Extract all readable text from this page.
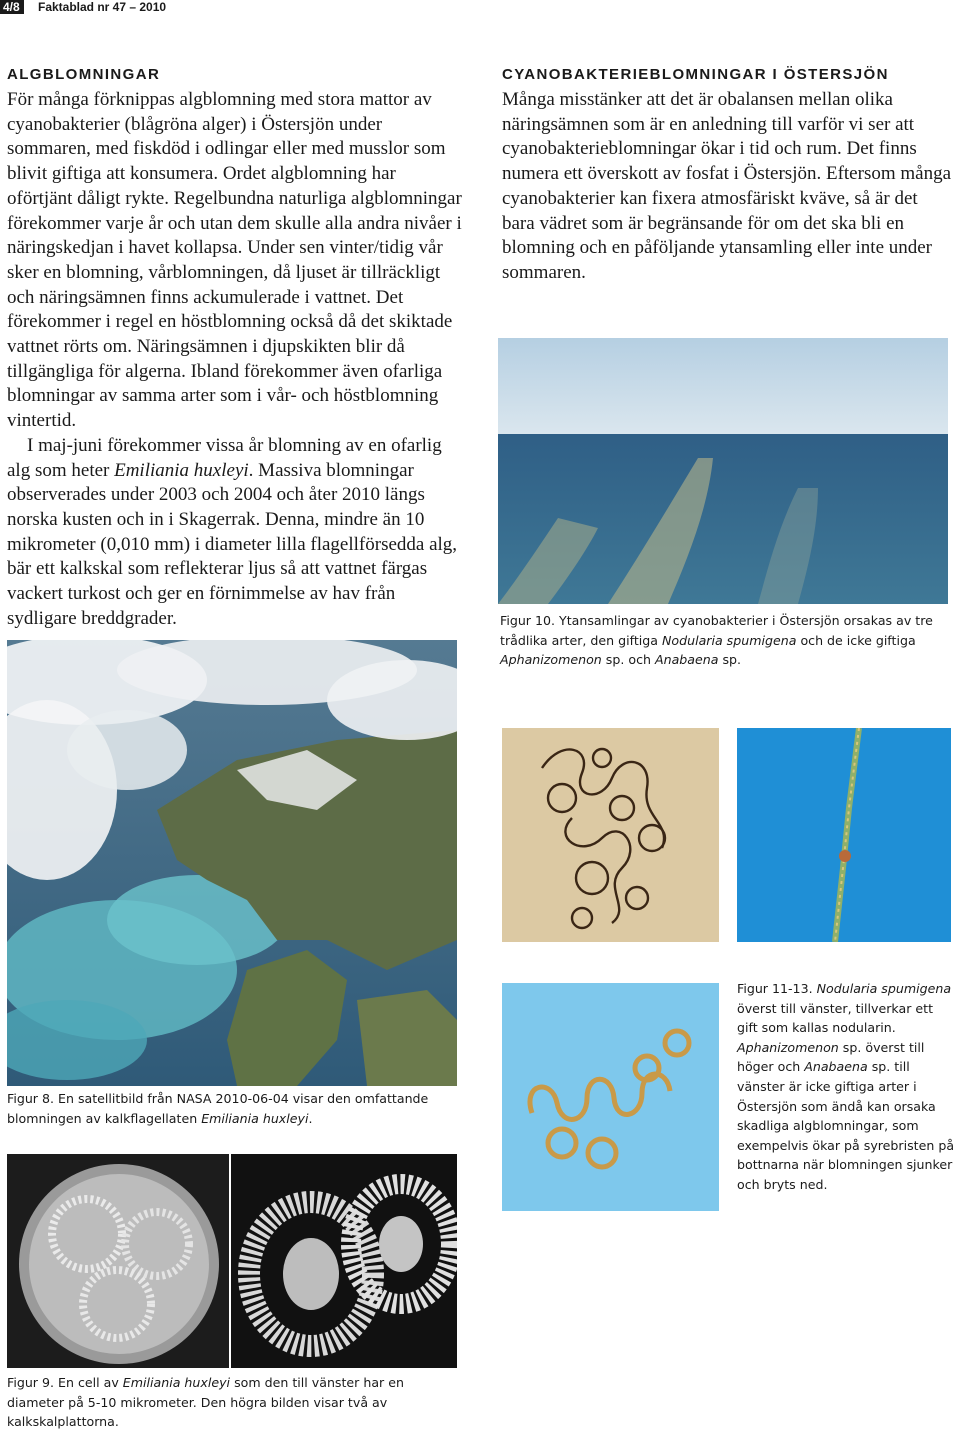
4/8	Faktablad nr 47 – 2010
ALGBLOMNINGAR

För många förknippas algblomning med stora mattor av cyanobakterier (blågröna alger) i Östersjön under sommaren, med fiskdöd i odlingar eller med musslor som blivit giftiga att konsumera. Ordet algblomning har oförtjänt dåligt rykte. Regelbundna naturliga algblomningar förekommer varje år och utan dem skulle alla andra nivåer i näringskedjan i havet kollapsa. Under sen vinter/tidig vår sker en blomning, vårblomningen, då ljuset är tillräckligt och näringsämnen finns ackumulerade i vattnet. Det förekommer i regel en höstblomning också då det skiktade vattnet rörts om. Näringsämnen i djupskikten blir då tillgängliga för algerna. Ibland förekommer även ofarliga blomningar av samma arter som i vår- och höstblomning vintertid.

I maj-juni förekommer vissa år blomning av en ofarlig alg som heter Emiliania huxleyi. Massiva blomningar observerades under 2003 och 2004 och åter 2010 längs norska kusten och in i Skagerrak. Denna, mindre än 10 mikrometer (0,010 mm) i diameter lilla flagellförsedda alg, bär ett kalkskal som reflekterar ljus så att vattnet färgas vackert turkost och ger en förnimmelse av hav från sydligare breddgrader.

CYANOBAKTERIEBLOMNINGAR I ÖSTERSJÖN

Många misstänker att det är obalansen mellan olika näringsämnen som är en anledning till varför vi ser att cyanobakterieblomningar ökar i tid och rum. Det finns numera ett överskott av fosfat i Östersjön. Eftersom många cyanobakterier kan fixera atmosfäriskt kväve, så är det bara vädret som är begränsande för om det ska bli en blomning och en påföljande ytansamling eller inte under sommaren.

Figur 8. En satellitbild från NASA 2010-06-04 visar den omfattande blomningen av kalkflagellaten Emiliania huxleyi.
Figur 9. En cell av Emiliania huxleyi som den till vänster har en diameter på 5-10 mikrometer. Den högra bilden visar två av kalkskalplattorna.
Figur 10. Ytansamlingar av cyanobakterier i Östersjön orsakas av tre trådlika arter, den giftiga Nodularia spumigena och de icke giftiga Aphanizomenon sp. och Anabaena sp.
Figur 11-13. Nodularia spumigena överst till vänster, tillverkar ett gift som kallas nodularin. Aphanizomenon sp. överst till höger och Anabaena sp. till vänster är icke giftiga arter i Östersjön som ändå kan orsaka skadliga algblomningar, som exempelvis ökar på syrebristen på bottnarna när blomningen sjunker och bryts ned.
